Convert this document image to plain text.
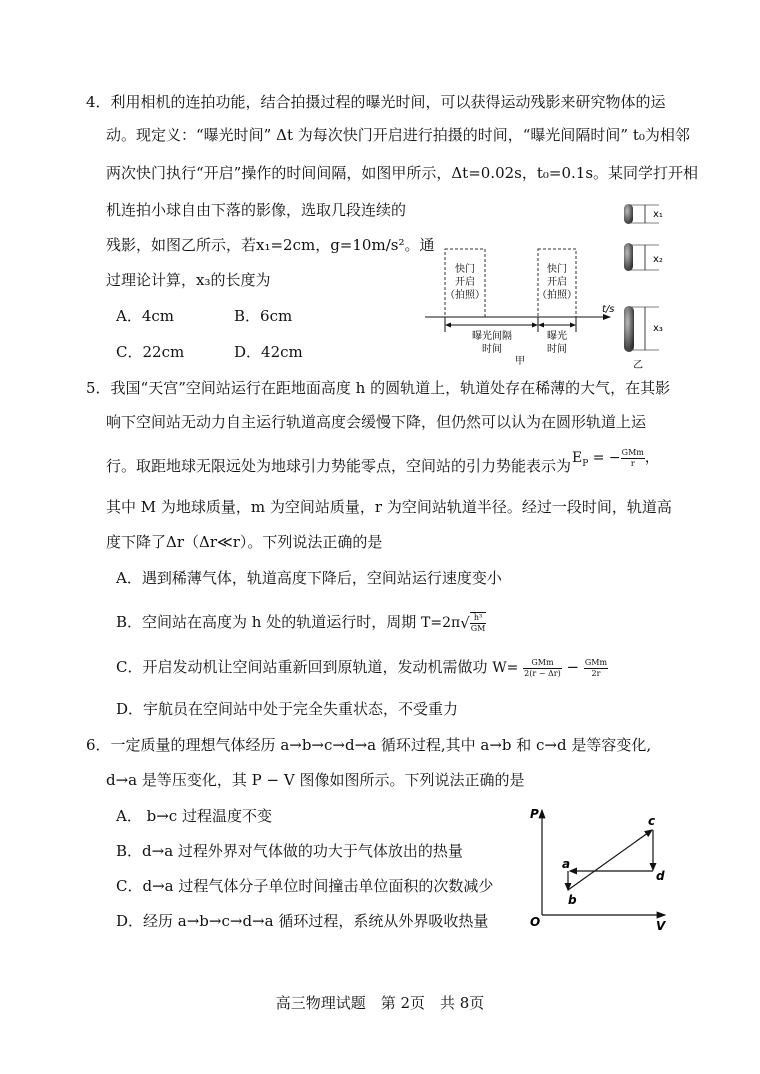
4．利用相机的连拍功能，结合拍摄过程的曝光时间，可以获得运动残影来研究物体的运
动。现定义：“曝光时间” Δt 为每次快门开启进行拍摄的时间，“曝光间隔时间” t₀为相邻
两次快门执行“开启”操作的时间间隔，如图甲所示，Δt=0.02s，t₀=0.1s。某同学打开相
机连拍小球自由下落的影像，选取几段连续的
残影，如图乙所示，若x₁=2cm，g=10m/s²。通
过理论计算，x₃的长度为
A．4cm	B．6cm
C．22cm	D．42cm
快门
开启
（拍照）
快门
开启
（拍照）
t/s
曝光间隔
时间
曝光
时间
甲
x₁
x₂
x₃
乙
5．我国“天宫”空间站运行在距地面高度 h 的圆轨道上，轨道处存在稀薄的大气，在其影
响下空间站无动力自主运行轨道高度会缓慢下降，但仍然可以认为在圆形轨道上运
行。取距地球无限远处为地球引力势能零点，空间站的引力势能表示为 $E_P$ = − $\frac{\text{GMm}}{r}$ ，
其中 M 为地球质量，m 为空间站质量，r 为空间站轨道半径。经过一段时间，轨道高
度下降了Δr（Δr≪r）。下列说法正确的是
A．遇到稀薄气体，轨道高度下降后，空间站运行速度变小
B．空间站在高度为 h 处的轨道运行时，周期 $T=2\pi√ \frac{\text{h³}}{GM}$
C．开启发动机让空间站重新回到原轨道，发动机需做功 $W= \frac{\text{GMm}}{2(r - \Delta r)} - \frac{\text{GMm}}{2r}$
D．宇航员在空间站中处于完全失重状态，不受重力
6．一定质量的理想气体经历 a→b→c→d→a 循环过程,其中 a→b 和 c→d 是等容变化,
d→a 是等压变化，其 P − V 图像如图所示。下列说法正确的是
A． b→c 过程温度不变
B．d→a 过程外界对气体做的功大于气体放出的热量
C．d→a 过程气体分子单位时间撞击单位面积的次数减少
D．经历 a→b→c→d→a 循环过程，系统从外界吸收热量
P
V
O
a
b
c
d
高三物理试题　第 2页　共 8页
